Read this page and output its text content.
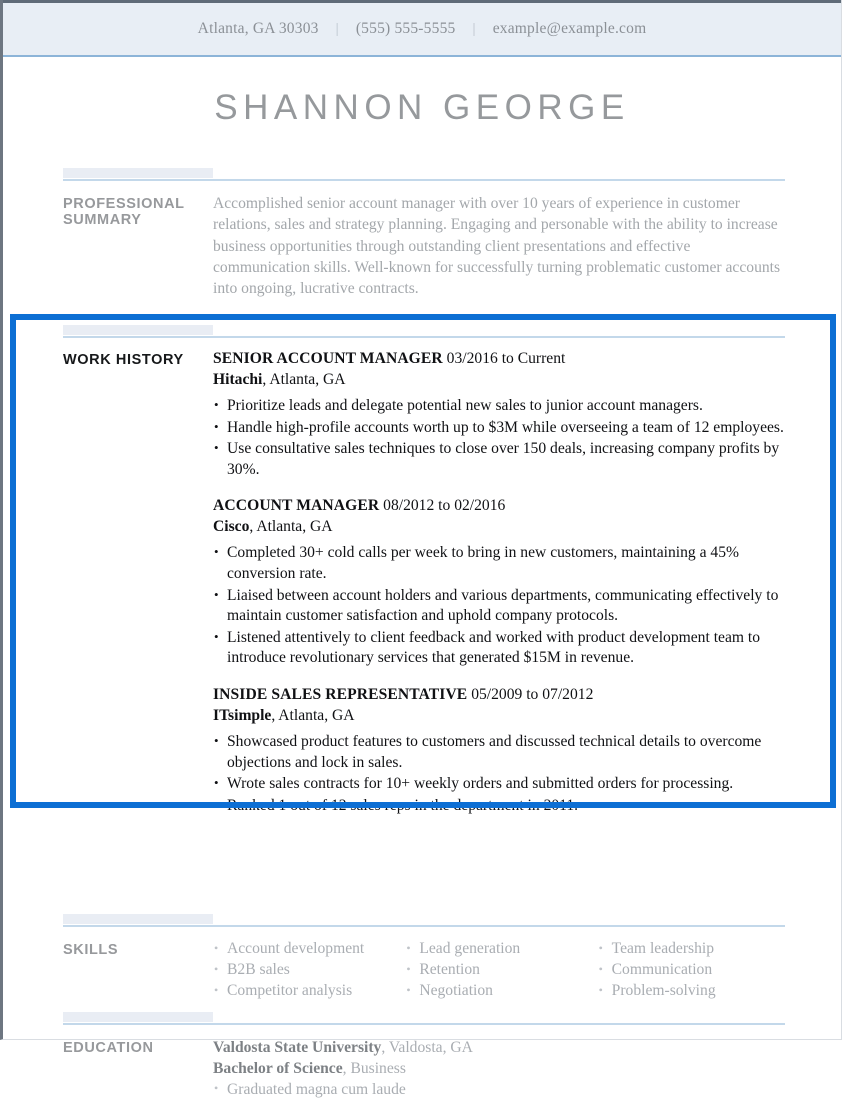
Atlanta, GA 30303	|	(555) 555-5555	|	example@example.com
SHANNON GEORGE
PROFESSIONAL SUMMARY
Accomplished senior account manager with over 10 years of experience in customer relations, sales and strategy planning. Engaging and personable with the ability to increase business opportunities through outstanding client presentations and effective communication skills. Well-known for successfully turning problematic customer accounts into ongoing, lucrative contracts.
WORK HISTORY	SENIOR ACCOUNT MANAGER 03/2016 to Current
Hitachi, Atlanta, GA
• Prioritize leads and delegate potential new sales to junior account managers.
• Handle high-profile accounts worth up to $3M while overseeing a team of 12 employees.
• Use consultative sales techniques to close over 150 deals, increasing company profits by 30%.
ACCOUNT MANAGER 08/2012 to 02/2016
Cisco, Atlanta, GA
• Completed 30+ cold calls per week to bring in new customers, maintaining a 45% conversion rate.
• Liaised between account holders and various departments, communicating effectively to maintain customer satisfaction and uphold company protocols.
• Listened attentively to client feedback and worked with product development team to introduce revolutionary services that generated $15M in revenue.
INSIDE SALES REPRESENTATIVE 05/2009 to 07/2012
ITsimple, Atlanta, GA
• Showcased product features to customers and discussed technical details to overcome objections and lock in sales.
• Wrote sales contracts for 10+ weekly orders and submitted orders for processing.
• Ranked 1 out of 12 sales reps in the department in 2011.
SKILLS	• Account development
• B2B sales
• Competitor analysis
• Lead generation
• Retention
• Negotiation
• Team leadership
• Communication
• Problem-solving
EDUCATION	Valdosta State University, Valdosta, GA
Bachelor of Science, Business
• Graduated magna cum laude
